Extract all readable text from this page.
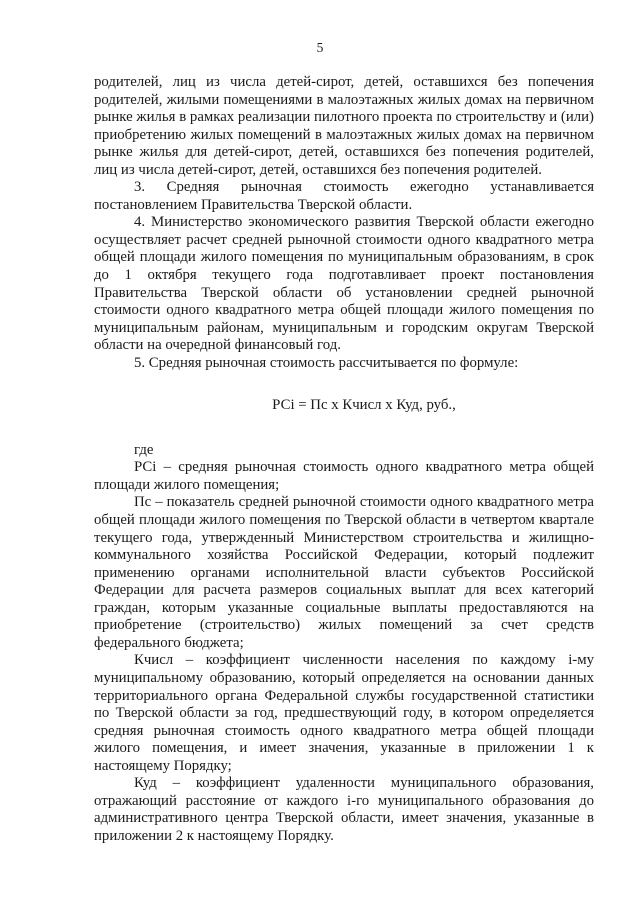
5

родителей, лиц из числа детей-сирот, детей, оставшихся без попечения родителей, жилыми помещениями в малоэтажных жилых домах на первичном рынке жилья в рамках реализации пилотного проекта по строительству и (или) приобретению жилых помещений в малоэтажных жилых домах на первичном рынке жилья для детей-сирот, детей, оставшихся без попечения родителей, лиц из числа детей-сирот, детей, оставшихся без попечения родителей.

3. Средняя рыночная стоимость ежегодно устанавливается постановлением Правительства Тверской области.

4. Министерство экономического развития Тверской области ежегодно осуществляет расчет средней рыночной стоимости одного квадратного метра общей площади жилого помещения по муниципальным образованиям, в срок до 1 октября текущего года подготавливает проект постановления Правительства Тверской области об установлении средней рыночной стоимости одного квадратного метра общей площади жилого помещения по муниципальным районам, муниципальным и городским округам Тверской области на очередной финансовый год.

5. Средняя рыночная стоимость рассчитывается по формуле:

РСi = Пс x Кчисл x Куд, руб.,

где

РСi – средняя рыночная стоимость одного квадратного метра общей площади жилого помещения;

Пс – показатель средней рыночной стоимости одного квадратного метра общей площади жилого помещения по Тверской области в четвертом квартале текущего года, утвержденный Министерством строительства и жилищно-коммунального хозяйства Российской Федерации, который подлежит применению органами исполнительной власти субъектов Российской Федерации для расчета размеров социальных выплат для всех категорий граждан, которым указанные социальные выплаты предоставляются на приобретение (строительство) жилых помещений за счет средств федерального бюджета;

Кчисл – коэффициент численности населения по каждому i-му муниципальному образованию, который определяется на основании данных территориального органа Федеральной службы государственной статистики по Тверской области за год, предшествующий году, в котором определяется средняя рыночная стоимость одного квадратного метра общей площади жилого помещения, и имеет значения, указанные в приложении 1 к настоящему Порядку;

Куд – коэффициент удаленности муниципального образования, отражающий расстояние от каждого i-го муниципального образования до административного центра Тверской области, имеет значения, указанные в приложении 2 к настоящему Порядку.
